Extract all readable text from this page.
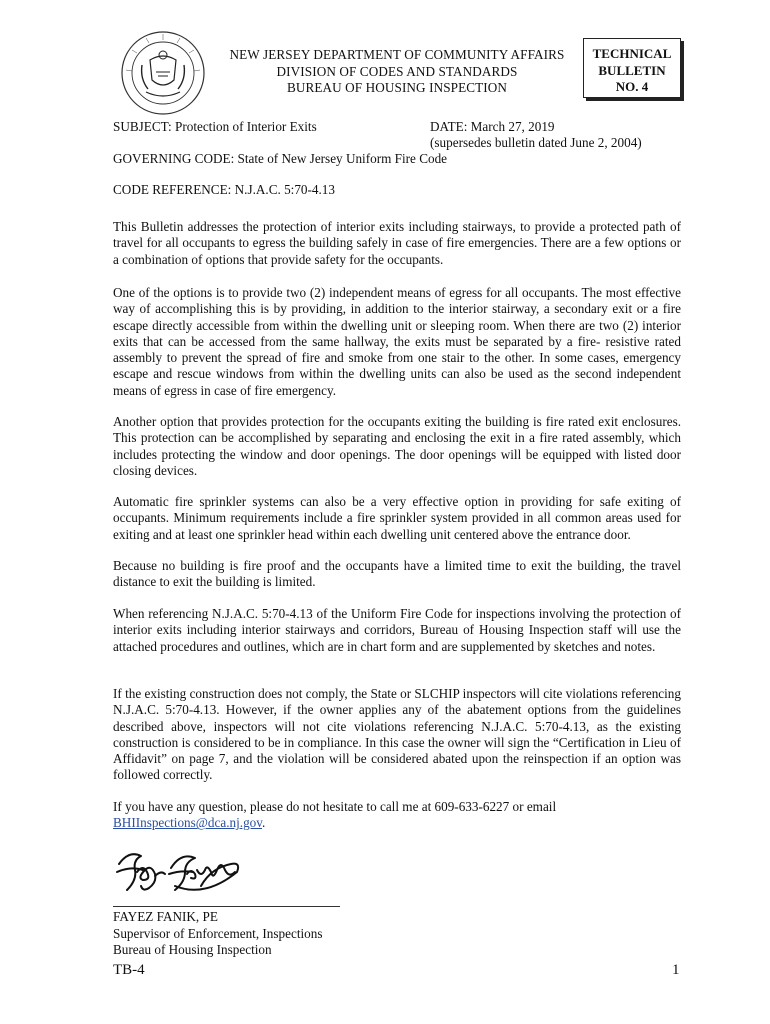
NEW JERSEY DEPARTMENT OF COMMUNITY AFFAIRS
DIVISION OF CODES AND STANDARDS
BUREAU OF HOUSING INSPECTION
TECHNICAL
BULLETIN
NO. 4
SUBJECT: Protection of Interior Exits	DATE: March 27, 2019
(supersedes bulletin dated June 2, 2004)
GOVERNING CODE: State of New Jersey Uniform Fire Code
CODE REFERENCE: N.J.A.C. 5:70-4.13
This Bulletin addresses the protection of interior exits including stairways, to provide a protected path of travel for all occupants to egress the building safely in case of fire emergencies. There are a few options or a combination of options that provide safety for the occupants.
One of the options is to provide two (2) independent means of egress for all occupants. The most effective way of accomplishing this is by providing, in addition to the interior stairway, a secondary exit or a fire escape directly accessible from within the dwelling unit or sleeping room. When there are two (2) interior exits that can be accessed from the same hallway, the exits must be separated by a fire- resistive rated assembly to prevent the spread of fire and smoke from one stair to the other. In some cases, emergency escape and rescue windows from within the dwelling units can also be used as the second independent means of egress in case of fire emergency.
Another option that provides protection for the occupants exiting the building is fire rated exit enclosures. This protection can be accomplished by separating and enclosing the exit in a fire rated assembly, which includes protecting the window and door openings. The door openings will be equipped with listed door closing devices.
Automatic fire sprinkler systems can also be a very effective option in providing for safe exiting of occupants. Minimum requirements include a fire sprinkler system provided in all common areas used for exiting and at least one sprinkler head within each dwelling unit centered above the entrance door.
Because no building is fire proof and the occupants have a limited time to exit the building, the travel distance to exit the building is limited.
When referencing N.J.A.C. 5:70-4.13 of the Uniform Fire Code for inspections involving the protection of interior exits including interior stairways and corridors, Bureau of Housing Inspection staff will use the attached procedures and outlines, which are in chart form and are supplemented by sketches and notes.
If the existing construction does not comply, the State or SLCHIP inspectors will cite violations referencing N.J.A.C. 5:70-4.13. However, if the owner applies any of the abatement options from the guidelines described above, inspectors will not cite violations referencing N.J.A.C. 5:70-4.13, as the existing construction is considered to be in compliance. In this case the owner will sign the “Certification in Lieu of Affidavit” on page 7, and the violation will be considered abated upon the reinspection if an option was followed correctly.
If you have any question, please do not hesitate to call me at 609-633-6227 or email
BHIInspections@dca.nj.gov.
FAYEZ FANIK, PE
Supervisor of Enforcement, Inspections
Bureau of Housing Inspection
TB-4	1
